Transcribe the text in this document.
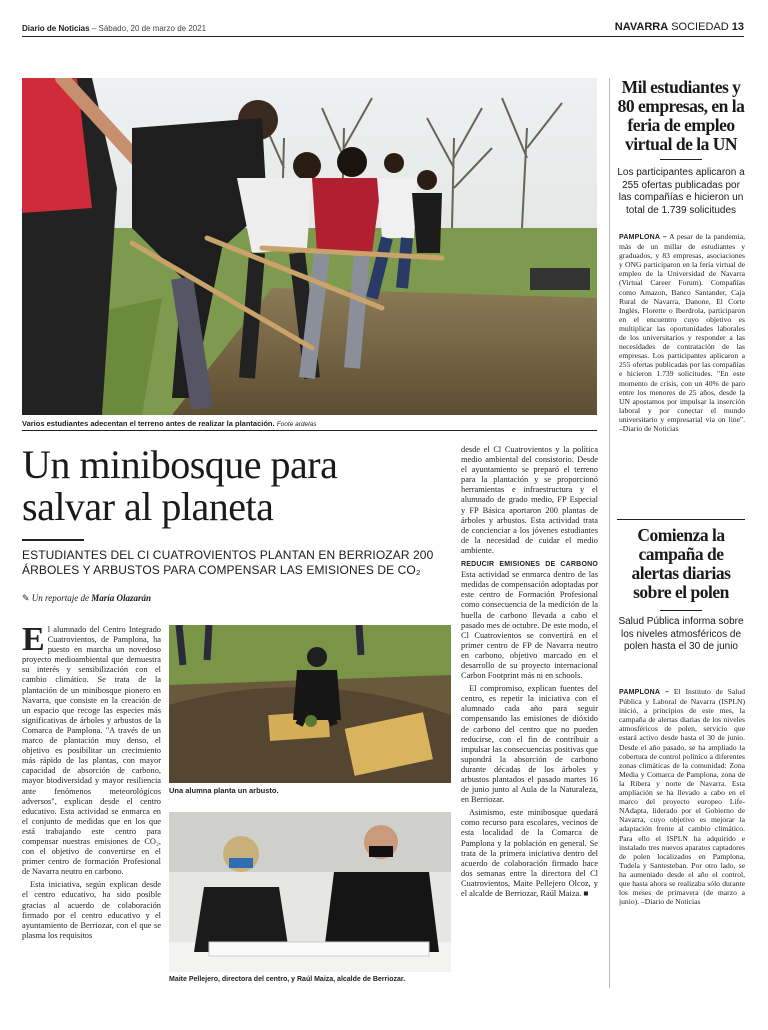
Diario de Noticias – Sábado, 20 de marzo de 2021	NAVARRA SOCIEDAD 13
Varios estudiantes adecentan el terreno antes de realizar la plantación. Foote ardelas
Un minibosque para
salvar al planeta
ESTUDIANTES DEL CI CUATROVIENTOS PLANTAN EN BERRIOZAR 200 ÁRBOLES Y ARBUSTOS PARA COMPENSAR LAS EMISIONES DE CO₂
✎ Un reportaje de María Olazarán
E l alumnado del Centro Integrado Cuatrovientos, de Pamplona, ha puesto en marcha un novedoso proyecto medioambiental que demuestra su interés y sensibilización con el cambio climático. Se trata de la plantación de un minibosque pionero en Navarra, que consiste en la creación de un espacio que recoge las especies más significativas de árboles y arbustos de la Comarca de Pamplona. "A través de un marco de plantación muy denso, el objetivo es posibilitar un crecimiento más rápido de las plantas, con mayor capacidad de absorción de carbono, mayor biodiversidad y mayor resiliencia ante fenómenos meteorológicos adversos", explican desde el centro educativo. Esta actividad se enmarca en el conjunto de medidas que en los que está trabajando este centro para compensar nuestras emisiones de CO₂, con el objetivo de convertirse en el primer centro de formación Profesional de Navarra neutro en carbono.

Esta iniciativa, según explican desde el centro educativo, ha sido posible gracias al acuerdo de colaboración firmado por el centro educativo y el ayuntamiento de Berriozar, con el que se plasma los requisitos

Una alumna planta un arbusto.
Maite Pellejero, directora del centro, y Raúl Maiza, alcalde de Berriozar.

desde el Cl Cuatrovientos y la política medio ambiental del consistorio. Desde el ayuntamiento se preparó el terreno para la plantación y se proporcionó herramientas e infraestructura y el alumnado de grado medio, FP Especial y FP Básica aportaron 200 plantas de árboles y arbustos. Esta actividad trata de concienciar a los jóvenes estudiantes de la necesidad de cuidar el medio ambiente.

REDUCIR EMISIONES DE CARBONO Esta actividad se enmarca dentro de las medidas de compensación adoptadas por este centro de Formación Profesional como consecuencia de la medición de la huella de carbono llevada a cabo el pasado mes de octubre. De este modo, el Cl Cuatrovientos se convertirá en el primer centro de FP de Navarra neutro en carbono, objetivo marcado en el desarrollo de su proyecto internacional Carbon Footprint más ni en schools.

El compromiso, explican fuentes del centro, es repetir la iniciativa con el alumnado cada año para seguir compensando las emisiones de dióxido de carbono del centro que no pueden reducirse, con el fin de contribuir a impulsar las consecuencias positivas que supondrá la absorción de carbono durante décadas de los árboles y arbustos plantados el pasado martes 16 de junio junto al Aula de la Naturaleza, en Berriozar.

Asimismo, este minibosque quedará como recurso para escolares, vecinos de esta localidad de la Comarca de Pamplona y la población en general. Se trata de la primera iniciativa dentro del acuerdo de colaboración firmado hace dos semanas entre la directora del Cl Cuatrovientos, Maite Pellejero Olcoz, y el alcalde de Berriozar, Raúl Maiza. ■

Mil estudiantes y 80 empresas, en la feria de empleo virtual de la UN
Los participantes aplicaron a 255 ofertas publicadas por las compañías e hicieron un total de 1.739 solicitudes
PAMPLONA – A pesar de la pandemia, más de un millar de estudiantes y graduados, y 83 empresas, asociaciones y ONG participaron en la feria virtual de empleo de la Universidad de Navarra (Virtual Career Forum). Compañías como Amazon, Banco Santander, Caja Rural de Navarra, Danone, El Corte Inglés, Florette o Iberdrola, participaron en el encuentro cuyo objetivo es multiplicar las oportunidades laborales de los universitarios y responder a las necesidades de contratación de las empresas. Los participantes aplicaron a 255 ofertas publicadas por las compañías e hicieron 1.739 solicitudes. "En este momento de crisis, con un 40% de paro entre los menores de 25 años, desde la UN apostamos por impulsar la inserción laboral y por conectar el mundo universitario y empresarial vía on line". –Diario de Noticias
Comienza la campaña de alertas diarias sobre el polen
Salud Pública informa sobre los niveles atmosféricos de polen hasta el 30 de junio
PAMPLONA – El Instituto de Salud Pública y Laboral de Navarra (ISPLN) inició, a principios de este mes, la campaña de alertas diarias de los niveles atmosféricos de polen, servicio que estará activo desde hasta el 30 de junio. Desde el año pasado, se ha ampliado la cobertura de control polínico a diferentes zonas climáticas de la comunidad: Zona Media y Comarca de Pamplona, zona de la Ribera y norte de Navarra. Esta ampliación se ha llevado a cabo en el marco del proyecto europeo Life-NAdapta, liderado por el Gobierno de Navarra, cuyo objetivo es mejorar la adaptación frente al cambio climático. Para ello el ISPLN ha adquirido e instalado tres nuevos aparatos captadores de polen localizados en Pamplona, Tudela y Santesteban. Por otro lado, se ha aumentado desde el año el control, que hasta ahora se realizaba sólo durante los meses de primavera (de marzo a junio). –Diario de Noticias
